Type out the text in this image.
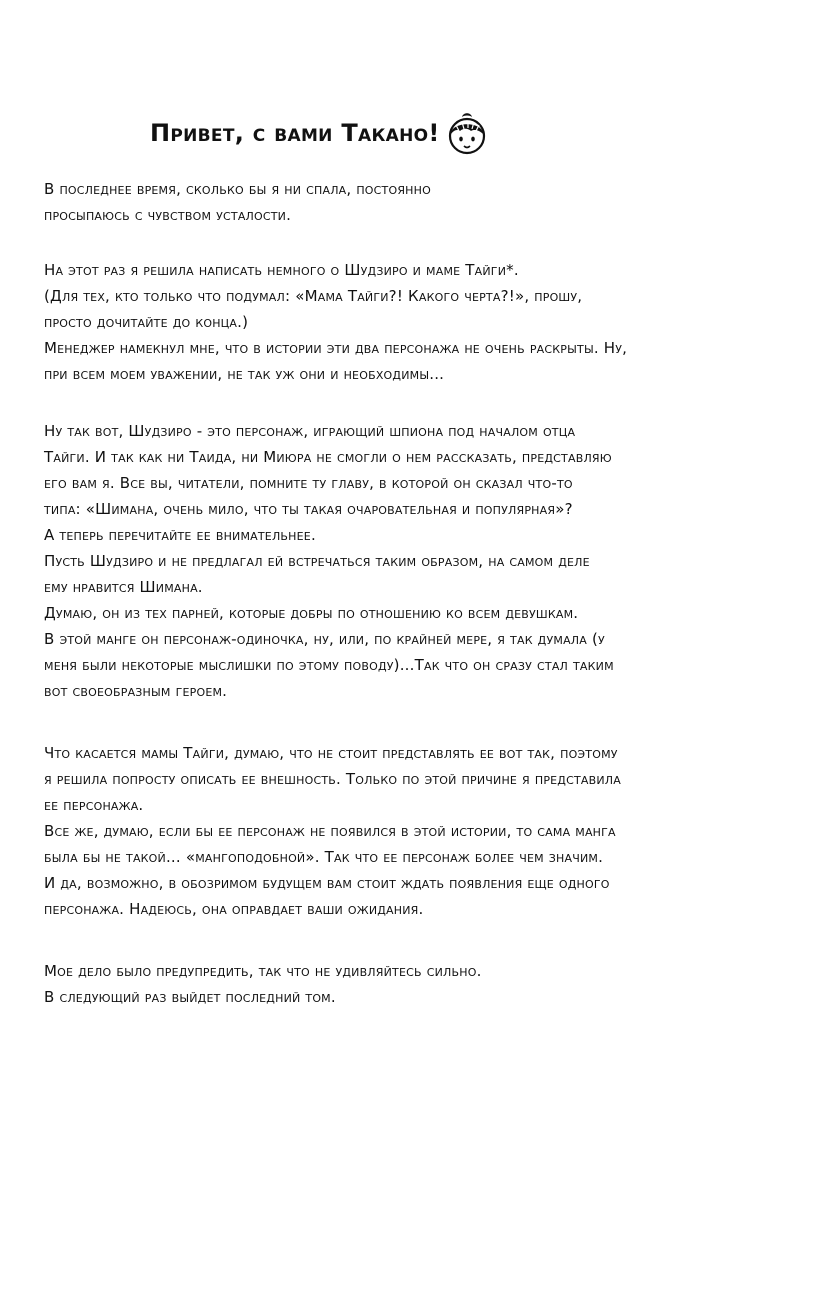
Привет, с вами Такано!
В последнее время, сколько бы я ни спала, постоянно
просыпаюсь с чувством усталости.
На этот раз я решила написать немного о Шудзиро и маме Тайги*.
(Для тех, кто только что подумал: «Мама Тайги?! Какого черта?!», прошу,
просто дочитайте до конца.)
Менеджер намекнул мне, что в истории эти два персонажа не очень раскрыты. Ну,
при всем моем уважении, не так уж они и необходимы...
Ну так вот, Шудзиро - это персонаж, играющий шпиона под началом отца
Тайги. И так как ни Таида, ни Миюра не смогли о нем рассказать, представляю
его вам я. Все вы, читатели, помните ту главу, в которой он сказал что-то
типа: «Шимана, очень мило, что ты такая очаровательная и популярная»?
А теперь перечитайте ее внимательнее.
Пусть Шудзиро и не предлагал ей встречаться таким образом, на самом деле
ему нравится Шимана.
Думаю, он из тех парней, которые добры по отношению ко всем девушкам.
В этой манге он персонаж-одиночка, ну, или, по крайней мере, я так думала (у
меня были некоторые мыслишки по этому поводу)...Так что он сразу стал таким
вот своеобразным героем.
Что касается мамы Тайги, думаю, что не стоит представлять ее вот так, поэтому
я решила попросту описать ее внешность. Только по этой причине я представила
ее персонажа.
Все же, думаю, если бы ее персонаж не появился в этой истории, то сама манга
была бы не такой... «мангоподобной». Так что ее персонаж более чем значим.
И да, возможно, в обозримом будущем вам стоит ждать появления еще одного
персонажа. Надеюсь, она оправдает ваши ожидания.
Мое дело было предупредить, так что не удивляйтесь сильно.
В следующий раз выйдет последний том.
